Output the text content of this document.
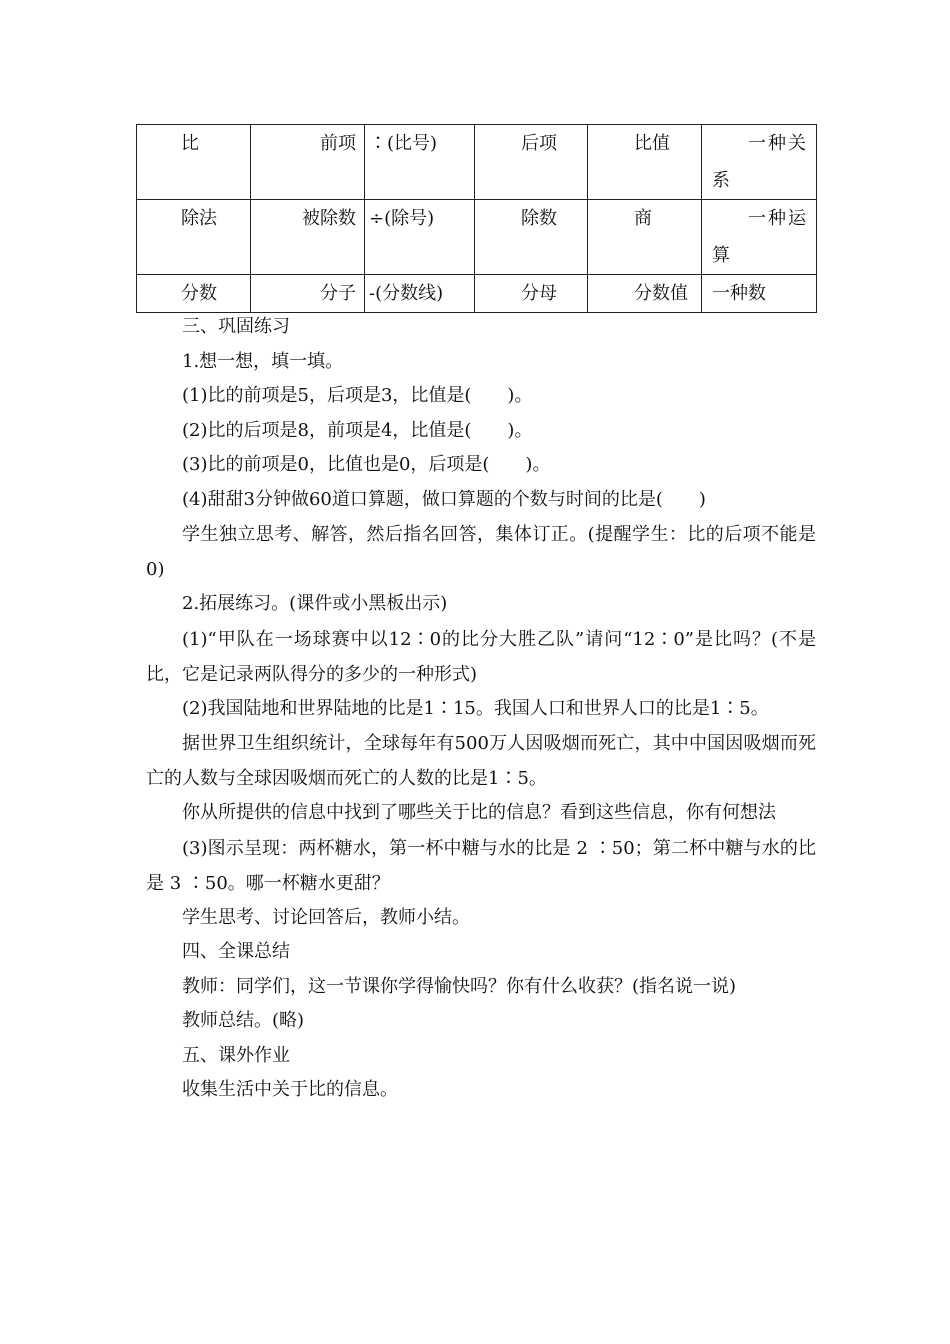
比	前项	∶(比号)	后项	比值	一种关系

除法	被除数	÷(除号)	除数	商	一种运算

分数	分子	-(分数线)	分母	分数值	一种数

三、巩固练习

1.想一想，填一填。

(1)比的前项是5，后项是3，比值是(　　)。

(2)比的后项是8，前项是4，比值是(　　)。

(3)比的前项是0，比值也是0，后项是(　　)。

(4)甜甜3分钟做60道口算题，做口算题的个数与时间的比是(　　)

学生独立思考、解答，然后指名回答，集体订正。(提醒学生：比的后项不能是0)

2.拓展练习。(课件或小黑板出示)

(1)“甲队在一场球赛中以12∶0的比分大胜乙队”请问“12∶0”是比吗？(不是比，它是记录两队得分的多少的一种形式)

(2)我国陆地和世界陆地的比是1∶15。我国人口和世界人口的比是1∶5。

据世界卫生组织统计，全球每年有500万人因吸烟而死亡，其中中国因吸烟而死亡的人数与全球因吸烟而死亡的人数的比是1∶5。

你从所提供的信息中找到了哪些关于比的信息？看到这些信息，你有何想法

(3)图示呈现：两杯糖水，第一杯中糖与水的比是 2 ∶50；第二杯中糖与水的比是 3 ∶50。哪一杯糖水更甜？

学生思考、讨论回答后，教师小结。

四、全课总结

教师：同学们，这一节课你学得愉快吗？你有什么收获？(指名说一说)

教师总结。(略)

五、课外作业

收集生活中关于比的信息。
